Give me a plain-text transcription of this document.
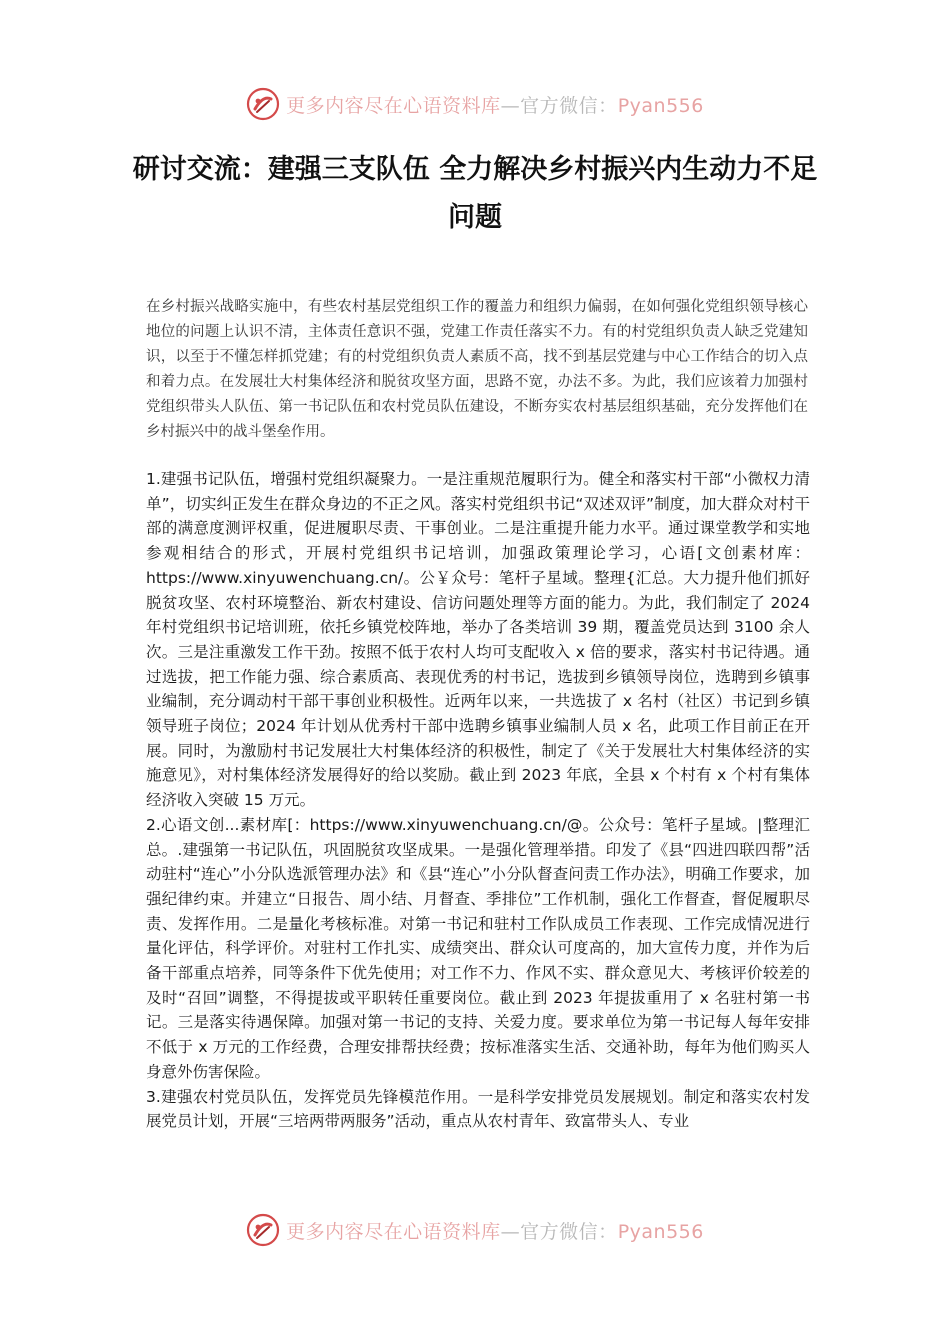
更多内容尽在心语资料库—官方微信：Pyan556
研讨交流：建强三支队伍 全力解决乡村振兴内生动力不足问题
在乡村振兴战略实施中，有些农村基层党组织工作的覆盖力和组织力偏弱，在如何强化党组织领导核心地位的问题上认识不清，主体责任意识不强，党建工作责任落实不力。有的村党组织负责人缺乏党建知识，以至于不懂怎样抓党建；有的村党组织负责人素质不高，找不到基层党建与中心工作结合的切入点和着力点。在发展壮大村集体经济和脱贫攻坚方面，思路不宽，办法不多。为此，我们应该着力加强村党组织带头人队伍、第一书记队伍和农村党员队伍建设，不断夯实农村基层组织基础，充分发挥他们在乡村振兴中的战斗堡垒作用。

1.建强书记队伍，增强村党组织凝聚力。一是注重规范履职行为。健全和落实村干部“小微权力清单”，切实纠正发生在群众身边的不正之风。落实村党组织书记“双述双评”制度，加大群众对村干部的满意度测评权重，促进履职尽责、干事创业。二是注重提升能力水平。通过课堂教学和实地参观相结合的形式，开展村党组织书记培训，加强政策理论学习，心语[文创素材库：https://www.xinyuwenchuang.cn/。公￥众号：笔杆子星域。整理{汇总。大力提升他们抓好脱贫攻坚、农村环境整治、新农村建设、信访问题处理等方面的能力。为此，我们制定了 2024 年村党组织书记培训班，依托乡镇党校阵地，举办了各类培训 39 期，覆盖党员达到 3100 余人次。三是注重激发工作干劲。按照不低于农村人均可支配收入 x 倍的要求，落实村书记待遇。通过选拔，把工作能力强、综合素质高、表现优秀的村书记，选拔到乡镇领导岗位，选聘到乡镇事业编制，充分调动村干部干事创业积极性。近两年以来，一共选拔了 x 名村（社区）书记到乡镇领导班子岗位；2024 年计划从优秀村干部中选聘乡镇事业编制人员 x 名，此项工作目前正在开展。同时，为激励村书记发展壮大村集体经济的积极性，制定了《关于发展壮大村集体经济的实施意见》，对村集体经济发展得好的给以奖励。截止到 2023 年底，全县 x 个村有 x 个村有集体经济收入突破 15 万元。

2.心语文创...素材库[：https://www.xinyuwenchuang.cn/@。公众号：笔杆子星域。|整理汇总。.建强第一书记队伍，巩固脱贫攻坚成果。一是强化管理举措。印发了《县“四进四联四帮”活动驻村“连心”小分队选派管理办法》和《县“连心”小分队督查问责工作办法》，明确工作要求，加强纪律约束。并建立“日报告、周小结、月督查、季排位”工作机制，强化工作督查，督促履职尽责、发挥作用。二是量化考核标准。对第一书记和驻村工作队成员工作表现、工作完成情况进行量化评估，科学评价。对驻村工作扎实、成绩突出、群众认可度高的，加大宣传力度，并作为后备干部重点培养，同等条件下优先使用；对工作不力、作风不实、群众意见大、考核评价较差的及时“召回”调整，不得提拔或平职转任重要岗位。截止到 2023 年提拔重用了 x 名驻村第一书记。三是落实待遇保障。加强对第一书记的支持、关爱力度。要求单位为第一书记每人每年安排不低于 x 万元的工作经费，合理安排帮扶经费；按标准落实生活、交通补助，每年为他们购买人身意外伤害保险。

3.建强农村党员队伍，发挥党员先锋模范作用。一是科学安排党员发展规划。制定和落实农村发展党员计划，开展“三培两带两服务”活动，重点从农村青年、致富带头人、专业

更多内容尽在心语资料库—官方微信：Pyan556
